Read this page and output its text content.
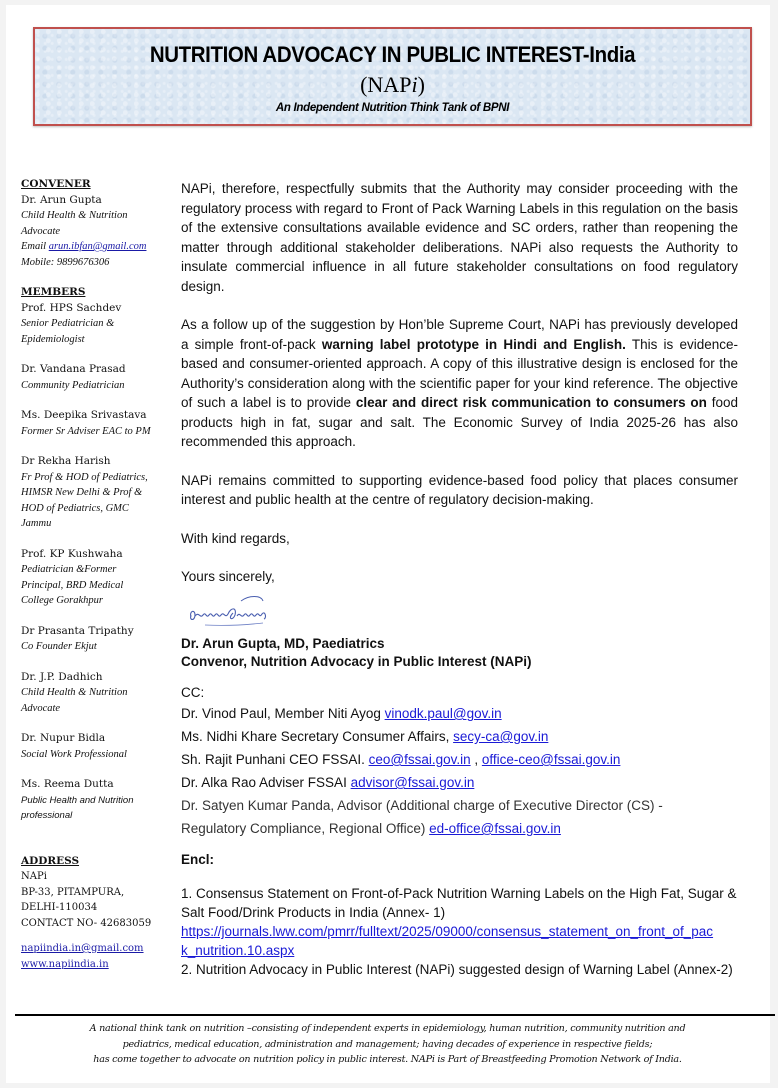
NUTRITION ADVOCACY IN PUBLIC INTEREST-India
(NAPi)
An Independent Nutrition Think Tank of BPNI
CONVENER
Dr. Arun Gupta
Child Health & Nutrition
Advocate
Email arun.ibfan@gmail.com
Mobile: 9899676306
MEMBERS
Prof. HPS Sachdev
Senior Pediatrician &
Epidemiologist
Dr. Vandana Prasad
Community Pediatrician
Ms. Deepika Srivastava
Former Sr Adviser EAC to PM
Dr Rekha Harish
Fr Prof & HOD of Pediatrics,
HIMSR New Delhi & Prof &
HOD of Pediatrics, GMC
Jammu
Prof. KP Kushwaha
Pediatrician &Former
Principal, BRD Medical
College Gorakhpur
Dr Prasanta Tripathy
Co Founder Ekjut
Dr. J.P. Dadhich
Child Health & Nutrition
Advocate
Dr. Nupur Bidla
Social Work Professional
Ms. Reema Dutta
Public Health and Nutrition
professional
ADDRESS
NAPi
BP-33, PITAMPURA,
DELHI-110034
CONTACT NO- 42683059
napiindia.in@gmail.com
www.napiindia.in

NAPi, therefore, respectfully submits that the Authority may consider proceeding with the regulatory process with regard to Front of Pack Warning Labels in this regulation on the basis of the extensive consultations available evidence and SC orders, rather than reopening the matter through additional stakeholder deliberations. NAPi also requests the Authority to insulate commercial influence in all future stakeholder consultations on food regulatory design.

As a follow up of the suggestion by Hon’ble Supreme Court, NAPi has previously developed a simple front-of-pack warning label prototype in Hindi and English. This is evidence-based and consumer-oriented approach. A copy of this illustrative design is enclosed for the Authority’s consideration along with the scientific paper for your kind reference. The objective of such a label is to provide clear and direct risk communication to consumers on food products high in fat, sugar and salt. The Economic Survey of India 2025-26 has also recommended this approach.

NAPi remains committed to supporting evidence-based food policy that places consumer interest and public health at the centre of regulatory decision-making.

With kind regards,

Yours sincerely,

Dr. Arun Gupta, MD, Paediatrics
Convenor, Nutrition Advocacy in Public Interest (NAPi)
CC:
Dr. Vinod Paul, Member Niti Ayog vinodk.paul@gov.in
Ms. Nidhi Khare Secretary Consumer Affairs, secy-ca@gov.in
Sh. Rajit Punhani CEO FSSAI. ceo@fssai.gov.in , office-ceo@fssai.gov.in
Dr. Alka Rao Adviser FSSAI advisor@fssai.gov.in
Dr. Satyen Kumar Panda, Advisor (Additional charge of Executive Director (CS) -
Regulatory Compliance, Regional Office) ed-office@fssai.gov.in
Encl:
1. Consensus Statement on Front-of-Pack Nutrition Warning Labels on the High Fat, Sugar & Salt Food/Drink Products in India (Annex- 1)
https://journals.lww.com/pmrr/fulltext/2025/09000/consensus_statement_on_front_of_pac
k_nutrition.10.aspx
2. Nutrition Advocacy in Public Interest (NAPi) suggested design of Warning Label (Annex-2)
A national think tank on nutrition –consisting of independent experts in epidemiology, human nutrition, community nutrition and
pediatrics, medical education, administration and management; having decades of experience in respective fields;
has come together to advocate on nutrition policy in public interest. NAPi is Part of Breastfeeding Promotion Network of India.
